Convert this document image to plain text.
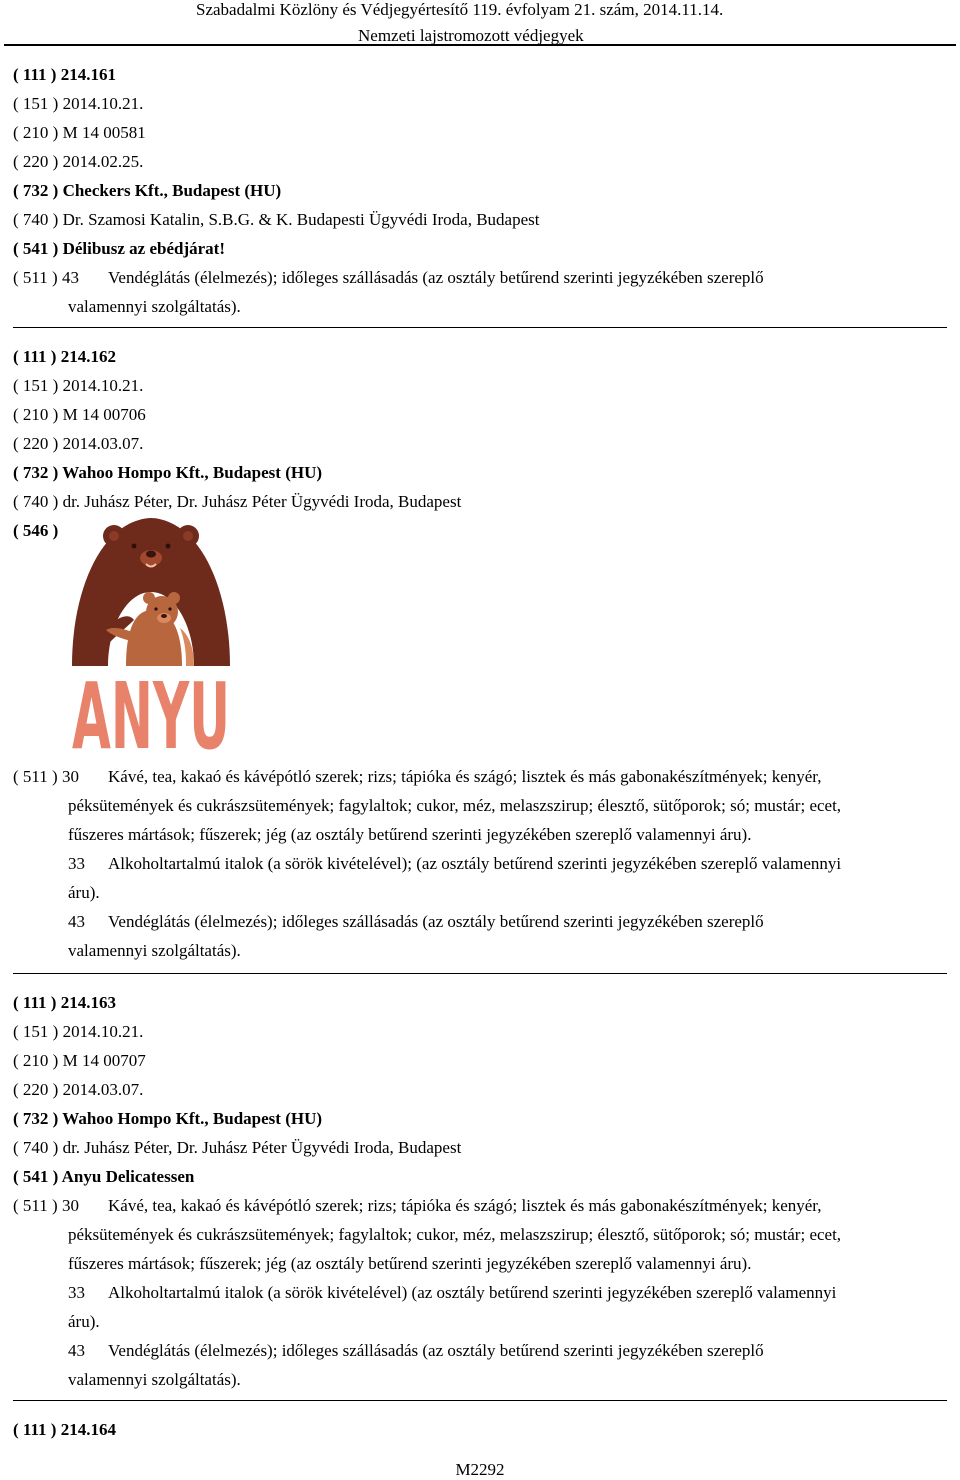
Szabadalmi Közlöny és Védjegyértesítő 119. évfolyam 21. szám, 2014.11.14.
Nemzeti lajstromozott védjegyek
( 111 ) 214.161
( 151 ) 2014.10.21.
( 210 ) M 14 00581
( 220 ) 2014.02.25.
( 732 ) Checkers Kft., Budapest (HU)
( 740 ) Dr. Szamosi Katalin, S.B.G. & K. Budapesti Ügyvédi Iroda, Budapest
( 541 ) Délibusz az ebédjárat!
( 511 ) 43	Vendéglátás (élelmezés); időleges szállásadás (az osztály betűrend szerinti jegyzékében szereplő
valamennyi szolgáltatás).
( 111 ) 214.162
( 151 ) 2014.10.21.
( 210 ) M 14 00706
( 220 ) 2014.03.07.
( 732 ) Wahoo Hompo Kft., Budapest (HU)
( 740 ) dr. Juhász Péter, Dr. Juhász Péter Ügyvédi Iroda, Budapest
( 546 )
ANYU
( 511 ) 30	Kávé, tea, kakaó és kávépótló szerek; rizs; tápióka és szágó; lisztek és más gabonakészítmények; kenyér,
péksütemények és cukrászsütemények; fagylaltok; cukor, méz, melaszszirup; élesztő, sütőporok; só; mustár; ecet,
fűszeres mártások; fűszerek; jég (az osztály betűrend szerinti jegyzékében szereplő valamennyi áru).
33	Alkoholtartalmú italok (a sörök kivételével); (az osztály betűrend szerinti jegyzékében szereplő valamennyi
áru).
43	Vendéglátás (élelmezés); időleges szállásadás (az osztály betűrend szerinti jegyzékében szereplő
valamennyi szolgáltatás).
( 111 ) 214.163
( 151 ) 2014.10.21.
( 210 ) M 14 00707
( 220 ) 2014.03.07.
( 732 ) Wahoo Hompo Kft., Budapest (HU)
( 740 ) dr. Juhász Péter, Dr. Juhász Péter Ügyvédi Iroda, Budapest
( 541 ) Anyu Delicatessen
( 511 ) 30	Kávé, tea, kakaó és kávépótló szerek; rizs; tápióka és szágó; lisztek és más gabonakészítmények; kenyér,
péksütemények és cukrászsütemények; fagylaltok; cukor, méz, melaszszirup; élesztő, sütőporok; só; mustár; ecet,
fűszeres mártások; fűszerek; jég (az osztály betűrend szerinti jegyzékében szereplő valamennyi áru).
33	Alkoholtartalmú italok (a sörök kivételével) (az osztály betűrend szerinti jegyzékében szereplő valamennyi
áru).
43	Vendéglátás (élelmezés); időleges szállásadás (az osztály betűrend szerinti jegyzékében szereplő
valamennyi szolgáltatás).
( 111 ) 214.164
M2292
